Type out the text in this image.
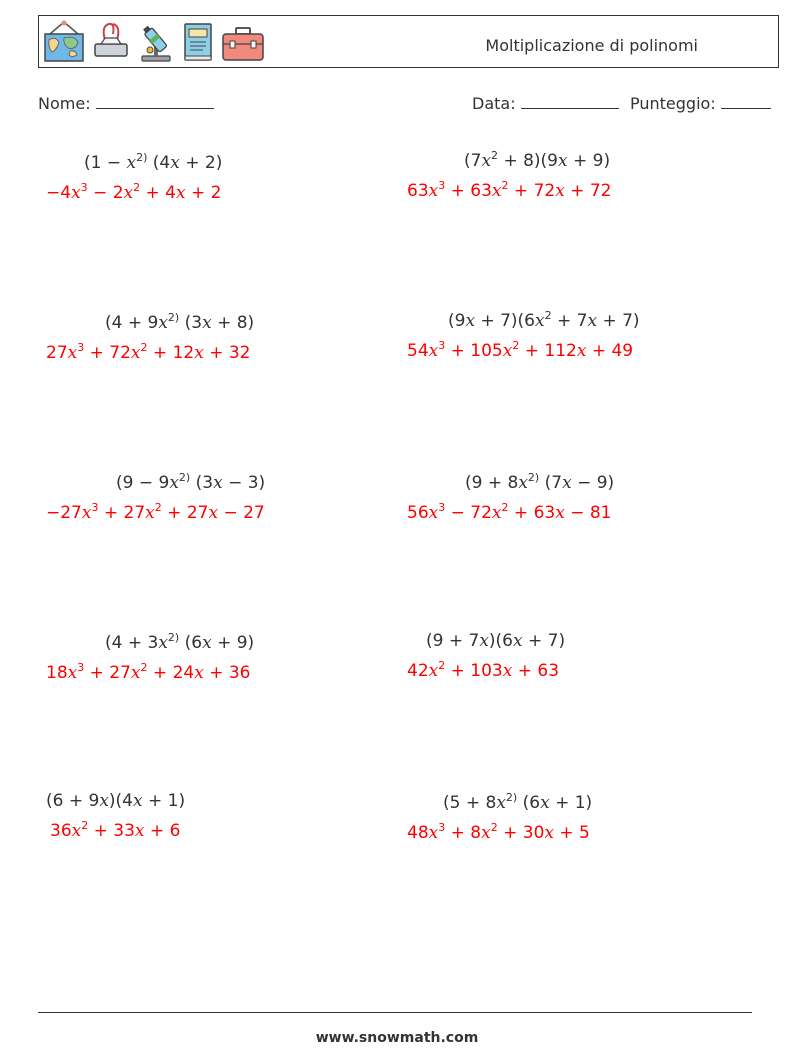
Moltiplicazione di polinomi
Nome:	Data:	Punteggio:
($1 - x^{2)}$ (4x + 2)
$-4x^3 - 2x^2 + 4x + 2$
$(7x^2 + 8)(9x + 9)$
$63x^3 + 63x^2 + 72x + 72$
($4 + 9x^{2)}$ (3x + 8)
$27x^3 + 72x^2 + 12x + 32$
$(9x + 7)(6x^2 + 7x + 7)$
$54x^3 + 105x^2 + 112x + 49$
($9 - 9x^{2)}$ (3x − 3)
$-27x^3 + 27x^2 + 27x - 27$
($9 + 8x^{2)}$ (7x − 9)
$56x^3 - 72x^2 + 63x - 81$
($4 + 3x^{2)}$ (6x + 9)
$18x^3 + 27x^2 + 24x + 36$
(9 + 7x)(6x + 7)
$42x^2 + 103x + 63$
(6 + 9x)(4x + 1)
$36x^2 + 33x + 6$
($5 + 8x^{2)}$ (6x + 1)
$48x^3 + 8x^2 + 30x + 5$
www.snowmath.com
